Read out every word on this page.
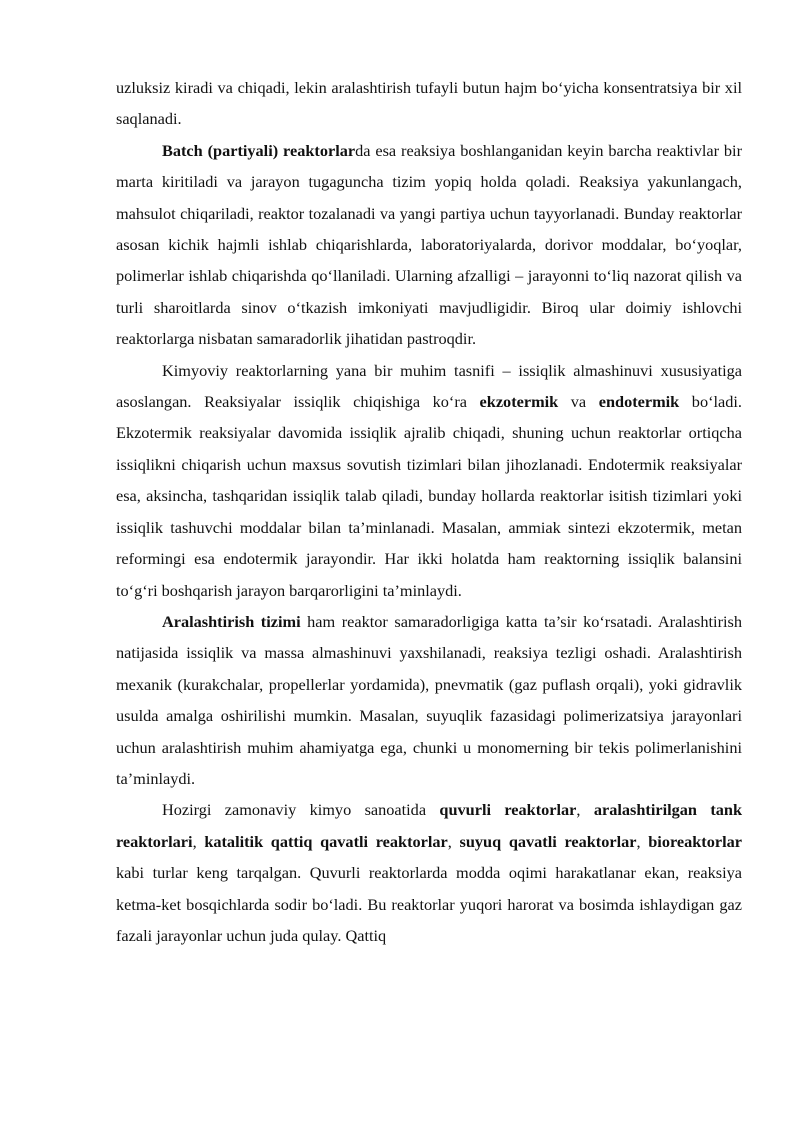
uzluksiz kiradi va chiqadi, lekin aralashtirish tufayli butun hajm bo‘yicha konsentratsiya bir xil saqlanadi.

Batch (partiyali) reaktorlarda esa reaksiya boshlanganidan keyin barcha reaktivlar bir marta kiritiladi va jarayon tugaguncha tizim yopiq holda qoladi. Reaksiya yakunlangach, mahsulot chiqariladi, reaktor tozalanadi va yangi partiya uchun tayyorlanadi. Bunday reaktorlar asosan kichik hajmli ishlab chiqarishlarda, laboratoriyalarda, dorivor moddalar, bo‘yoqlar, polimerlar ishlab chiqarishda qo‘llaniladi. Ularning afzalligi – jarayonni to‘liq nazorat qilish va turli sharoitlarda sinov o‘tkazish imkoniyati mavjudligidir. Biroq ular doimiy ishlovchi reaktorlarga nisbatan samaradorlik jihatidan pastroqdir.

Kimyoviy reaktorlarning yana bir muhim tasnifi – issiqlik almashinuvi xususiyatiga asoslangan. Reaksiyalar issiqlik chiqishiga ko‘ra ekzotermik va endotermik bo‘ladi. Ekzotermik reaksiyalar davomida issiqlik ajralib chiqadi, shuning uchun reaktorlar ortiqcha issiqlikni chiqarish uchun maxsus sovutish tizimlari bilan jihozlanadi. Endotermik reaksiyalar esa, aksincha, tashqaridan issiqlik talab qiladi, bunday hollarda reaktorlar isitish tizimlari yoki issiqlik tashuvchi moddalar bilan ta’minlanadi. Masalan, ammiak sintezi ekzotermik, metan reformingi esa endotermik jarayondir. Har ikki holatda ham reaktorning issiqlik balansini to‘g‘ri boshqarish jarayon barqarorligini ta’minlaydi.

Aralashtirish tizimi ham reaktor samaradorligiga katta ta’sir ko‘rsatadi. Aralashtirish natijasida issiqlik va massa almashinuvi yaxshilanadi, reaksiya tezligi oshadi. Aralashtirish mexanik (kurakchalar, propellerlar yordamida), pnevmatik (gaz puflash orqali), yoki gidravlik usulda amalga oshirilishi mumkin. Masalan, suyuqlik fazasidagi polimerizatsiya jarayonlari uchun aralashtirish muhim ahamiyatga ega, chunki u monomerning bir tekis polimerlanishini ta’minlaydi.

Hozirgi zamonaviy kimyo sanoatida quvurli reaktorlar, aralashtirilgan tank reaktorlari, katalitik qattiq qavatli reaktorlar, suyuq qavatli reaktorlar, bioreaktorlar kabi turlar keng tarqalgan. Quvurli reaktorlarda modda oqimi harakatlanar ekan, reaksiya ketma-ket bosqichlarda sodir bo‘ladi. Bu reaktorlar yuqori harorat va bosimda ishlaydigan gaz fazali jarayonlar uchun juda qulay. Qattiq
